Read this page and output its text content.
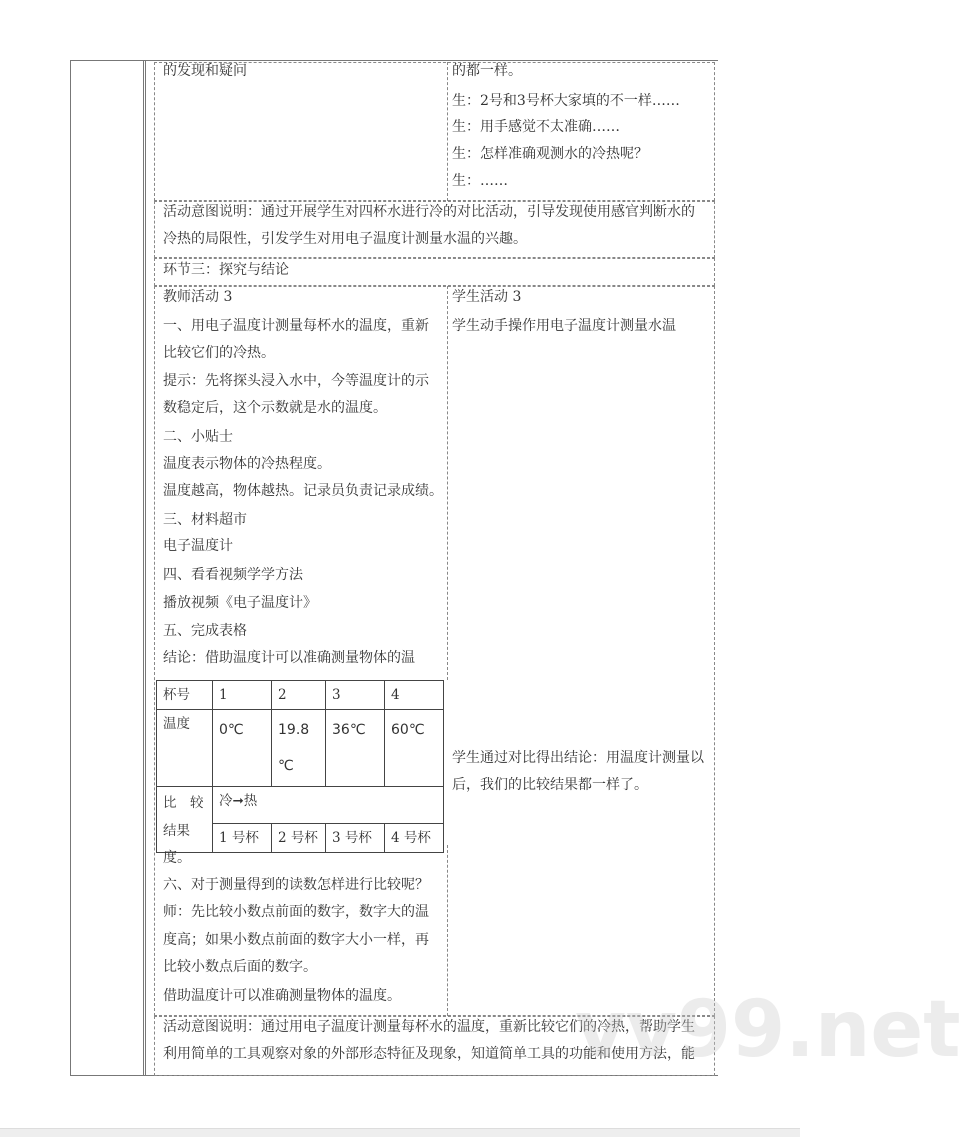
的发现和疑问	的都一样。
生：2号和3号杯大家填的不一样……
生：用手感觉不太准确……
生：怎样准确观测水的冷热呢？
生：……
活动意图说明：通过开展学生对四杯水进行冷的对比活动，引导发现使用感官判断水的
冷热的局限性，引发学生对用电子温度计测量水温的兴趣。
环节三：探究与结论
教师活动 3
一、用电子温度计测量每杯水的温度，重新
比较它们的冷热。
提示：先将探头浸入水中，今等温度计的示
数稳定后，这个示数就是水的温度。
二、小贴士
温度表示物体的冷热程度。
温度越高，物体越热。记录员负责记录成绩。
三、材料超市
电子温度计
四、看看视频学学方法
播放视频《电子温度计》
五、完成表格
结论：借助温度计可以准确测量物体的温
杯号	1	2	3	4
温度	0℃	19.8 ℃	36℃	60℃
比　较 结果	冷➞热			
	1 号杯	2 号杯	3 号杯	4 号杯
度。
六、对于测量得到的读数怎样进行比较呢？
师：先比较小数点前面的数字，数字大的温
度高；如果小数点前面的数字大小一样，再
比较小数点后面的数字。
借助温度计可以准确测量物体的温度。
学生活动 3
学生动手操作用电子温度计测量水温
学生通过对比得出结论：用温度计测量以
后，我们的比较结果都一样了。
活动意图说明：通过用电子温度计测量每杯水的温度，重新比较它们的冷热，帮助学生
利用简单的工具观察对象的外部形态特征及现象，知道简单工具的功能和使用方法，能
vv99.net
